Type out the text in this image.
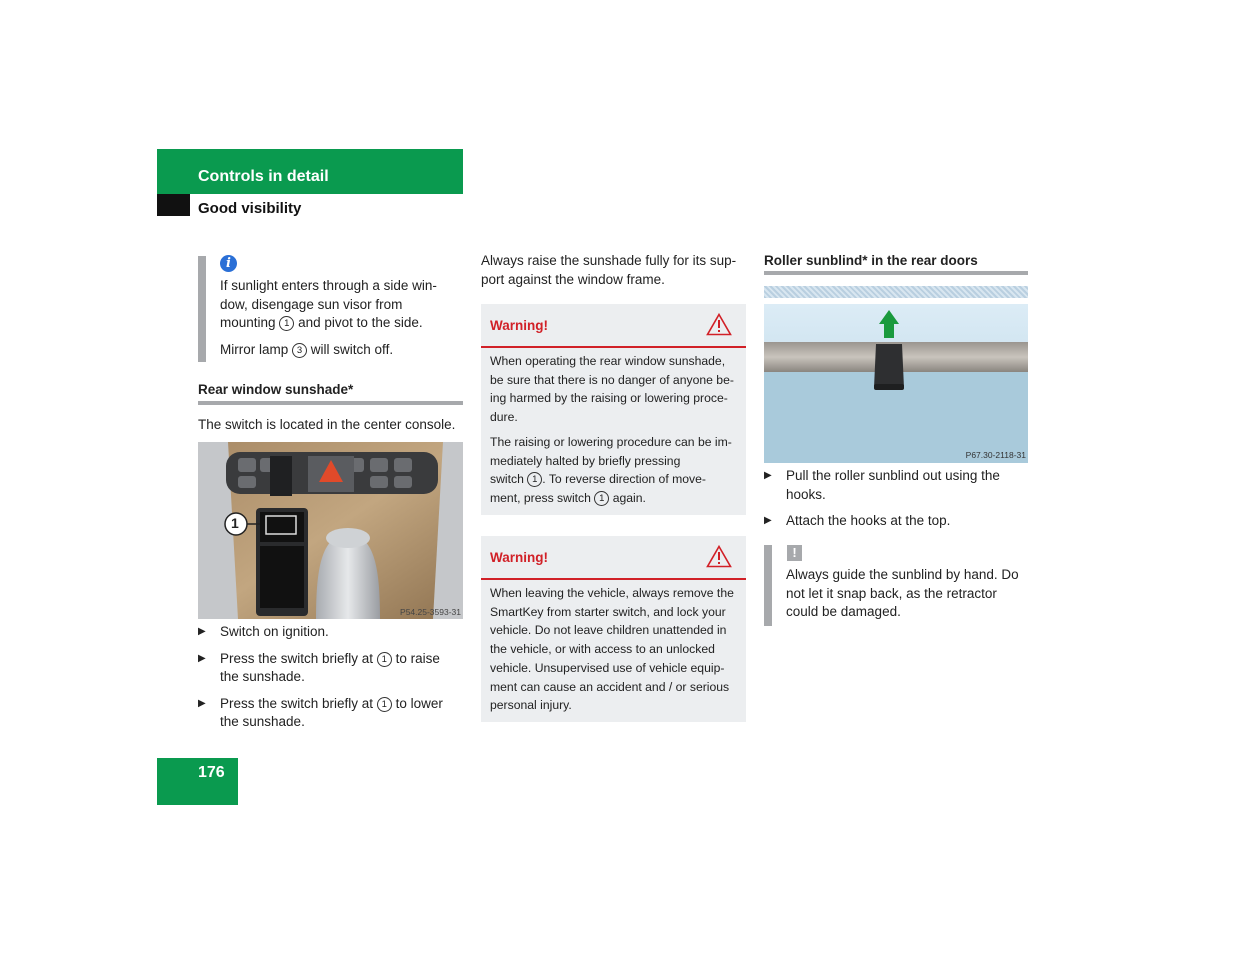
Controls in detail
Good visibility
i
If sunlight enters through a side win-
dow, disengage sun visor from
mounting 1 and pivot to the side.
Mirror lamp 3 will switch off.
Rear window sunshade*
The switch is located in the center console.
1
P54.25-3593-31
▶	Switch on ignition.
▶	Press the switch briefly at 1 to raise
the sunshade.
▶	Press the switch briefly at 1 to lower
the sunshade.
Always raise the sunshade fully for its sup-
port against the window frame.
Warning!
When operating the rear window sunshade,
be sure that there is no danger of anyone be-
ing harmed by the raising or lowering proce-
dure.
The raising or lowering procedure can be im-
mediately halted by briefly pressing
switch 1 . To reverse direction of move-
ment, press switch 1 again.
Warning!
When leaving the vehicle, always remove the
SmartKey from starter switch, and lock your
vehicle. Do not leave children unattended in
the vehicle, or with access to an unlocked
vehicle. Unsupervised use of vehicle equip-
ment can cause an accident and / or serious
personal injury.
Roller sunblind* in the rear doors
P67.30-2118-31
▶	Pull the roller sunblind out using the
hooks.
▶	Attach the hooks at the top.
!
Always guide the sunblind by hand. Do
not let it snap back, as the retractor
could be damaged.
176
